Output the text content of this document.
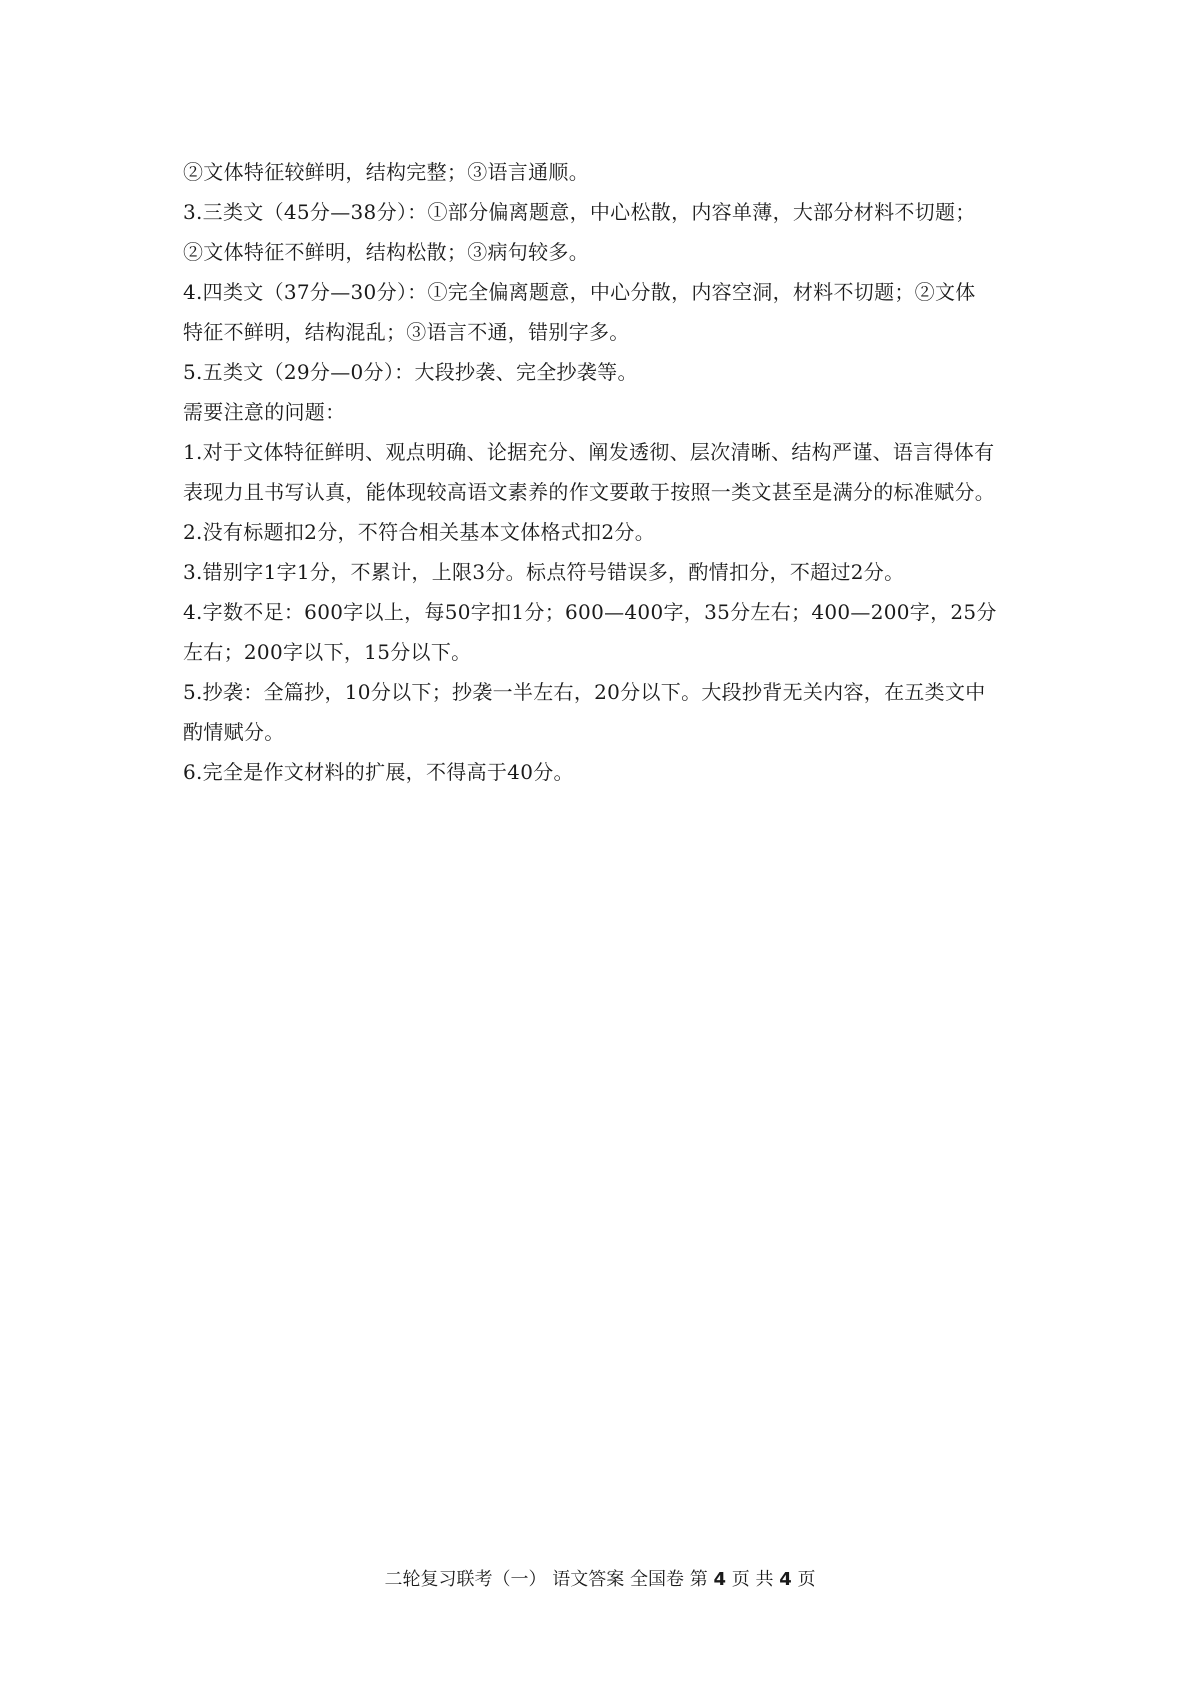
②文体特征较鲜明，结构完整；③语言通顺。
3.三类文（45分—38分）：①部分偏离题意，中心松散，内容单薄，大部分材料不切题；
②文体特征不鲜明，结构松散；③病句较多。
4.四类文（37分—30分）：①完全偏离题意，中心分散，内容空洞，材料不切题；②文体
特征不鲜明，结构混乱；③语言不通，错别字多。
5.五类文（29分—0分）：大段抄袭、完全抄袭等。
需要注意的问题：
1.对于文体特征鲜明、观点明确、论据充分、阐发透彻、层次清晰、结构严谨、语言得体有
表现力且书写认真，能体现较高语文素养的作文要敢于按照一类文甚至是满分的标准赋分。
2.没有标题扣2分，不符合相关基本文体格式扣2分。
3.错别字1字1分，不累计，上限3分。标点符号错误多，酌情扣分，不超过2分。
4.字数不足：600字以上，每50字扣1分；600—400字，35分左右；400—200字，25分
左右；200字以下，15分以下。
5.抄袭：全篇抄，10分以下；抄袭一半左右，20分以下。大段抄背无关内容，在五类文中
酌情赋分。
6.完全是作文材料的扩展，不得高于40分。
二轮复习联考（一） 语文答案 全国卷 第 4 页 共 4 页
